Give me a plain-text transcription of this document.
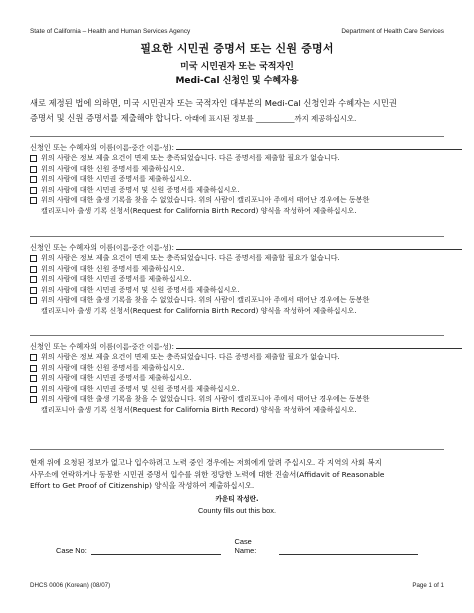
State of California – Health and Human Services Agency	Department of Health Care Services
필요한 시민권 증명서 또는 신원 증명서
미국 시민권자 또는 국적자인
Medi-Cal 신청인 및 수혜자용
새로 제정된 법에 의하면, 미국 시민권자 또는 국적자인 대부분의 Medi-Cal 신청인과 수혜자는 시민권
증명서 및 신원 증명서를 제출해야 합니다. 아래에 표시된 정보를 ___________까지 제공하십시오.
신청인 또는 수혜자의 이름(이름-중간 이름-성):
위의 사람은 정보 제출 요건이 면제 또는 충족되었습니다. 다른 증명서를 제출할 필요가 없습니다.
위의 사람에 대한 신원 증명서를 제출하십시오.
위의 사람에 대한 시민권 증명서를 제출하십시오.
위의 사람에 대한 시민권 증명서 및 신원 증명서를 제출하십시오.
위의 사람에 대한 출생 기록을 찾을 수 없었습니다. 위의 사람이 캘리포니아 주에서 태어난 경우에는 동봉한
캘리포니아 출생 기록 신청서(Request for California Birth Record) 양식을 작성하여 제출하십시오.
신청인 또는 수혜자의 이름(이름-중간 이름-성):
위의 사람은 정보 제출 요건이 면제 또는 충족되었습니다. 다른 증명서를 제출할 필요가 없습니다.
위의 사람에 대한 신원 증명서를 제출하십시오.
위의 사람에 대한 시민권 증명서를 제출하십시오.
위의 사람에 대한 시민권 증명서 및 신원 증명서를 제출하십시오.
위의 사람에 대한 출생 기록을 찾을 수 없었습니다. 위의 사람이 캘리포니아 주에서 태어난 경우에는 동봉한
캘리포니아 출생 기록 신청서(Request for California Birth Record) 양식을 작성하여 제출하십시오.
신청인 또는 수혜자의 이름(이름-중간 이름-성):
위의 사람은 정보 제출 요건이 면제 또는 충족되었습니다. 다른 증명서를 제출할 필요가 없습니다.
위의 사람에 대한 신원 증명서를 제출하십시오.
위의 사람에 대한 시민권 증명서를 제출하십시오.
위의 사람에 대한 시민권 증명서 및 신원 증명서를 제출하십시오.
위의 사람에 대한 출생 기록을 찾을 수 없었습니다. 위의 사람이 캘리포니아 주에서 태어난 경우에는 동봉한
캘리포니아 출생 기록 신청서(Request for California Birth Record) 양식을 작성하여 제출하십시오.
현재 위에 요청된 정보가 없고나 입수하려고 노력 중인 경우에는 저희에게 알려 주십시오. 각 지역의 사회 복지
사무소에 연락하거나 동봉한 시민권 증명서 입수를 위한 정당한 노력에 대한 진술서(Affidavit of Reasonable
Effort to Get Proof of Citizenship) 양식을 작성하여 제출하십시오.
카운티 작성란.
County fills out this box.
Case No:
Case Name:
DHCS 0006 (Korean) (08/07)	Page 1 of 1
